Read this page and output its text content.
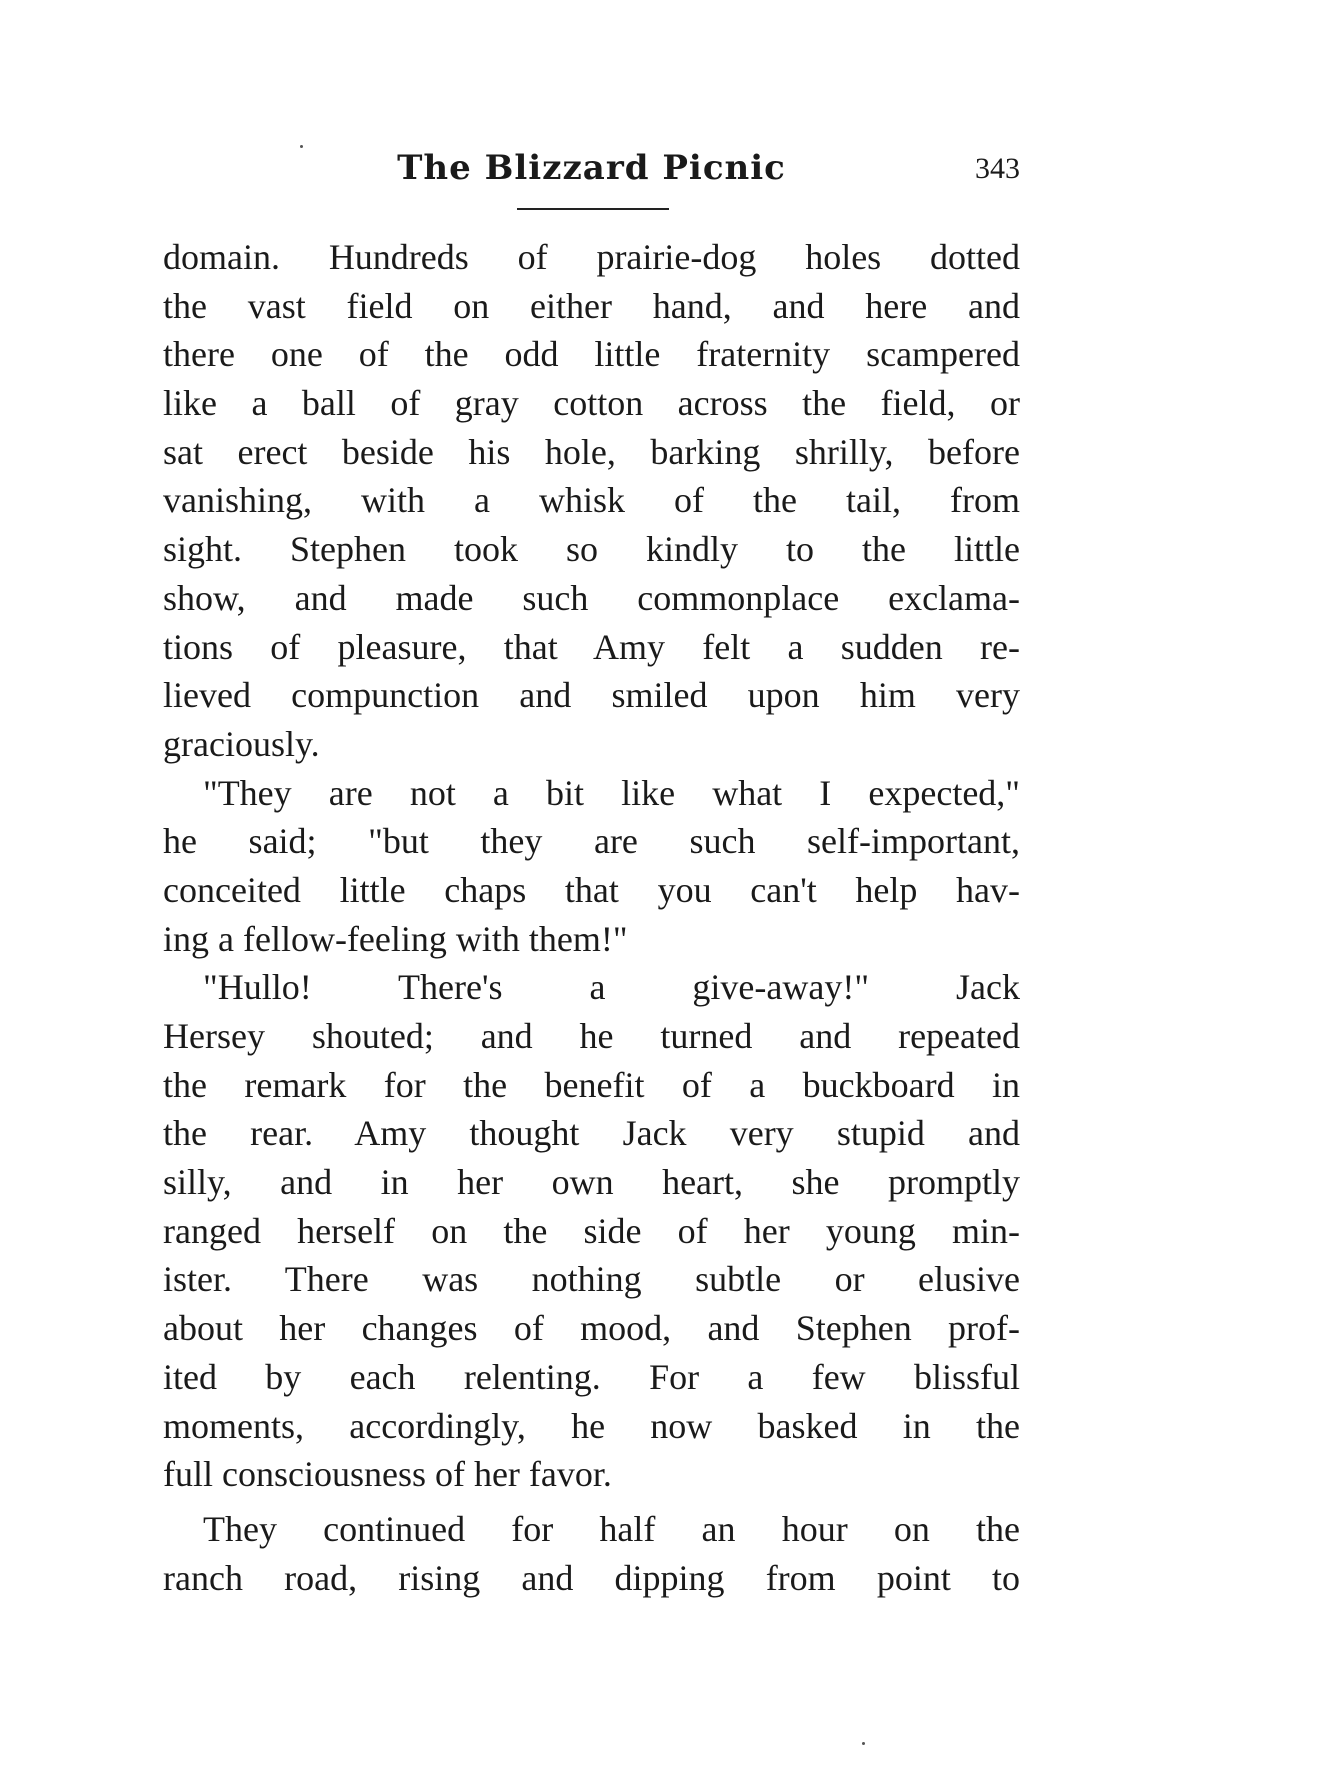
The Blizzard Picnic	343
domain. Hundreds of prairie-dog holes dotted
the vast field on either hand, and here and
there one of the odd little fraternity scampered
like a ball of gray cotton across the field, or
sat erect beside his hole, barking shrilly, before
vanishing, with a whisk of the tail, from
sight. Stephen took so kindly to the little
show, and made such commonplace exclama-
tions of pleasure, that Amy felt a sudden re-
lieved compunction and smiled upon him very
graciously.
"They are not a bit like what I expected,"
he said; "but they are such self-important,
conceited little chaps that you can't help hav-
ing a fellow-feeling with them!"
"Hullo! There's a give-away!" Jack
Hersey shouted; and he turned and repeated
the remark for the benefit of a buckboard in
the rear. Amy thought Jack very stupid and
silly, and in her own heart, she promptly
ranged herself on the side of her young min-
ister. There was nothing subtle or elusive
about her changes of mood, and Stephen prof-
ited by each relenting. For a few blissful
moments, accordingly, he now basked in the
full consciousness of her favor.
They continued for half an hour on the
ranch road, rising and dipping from point to
